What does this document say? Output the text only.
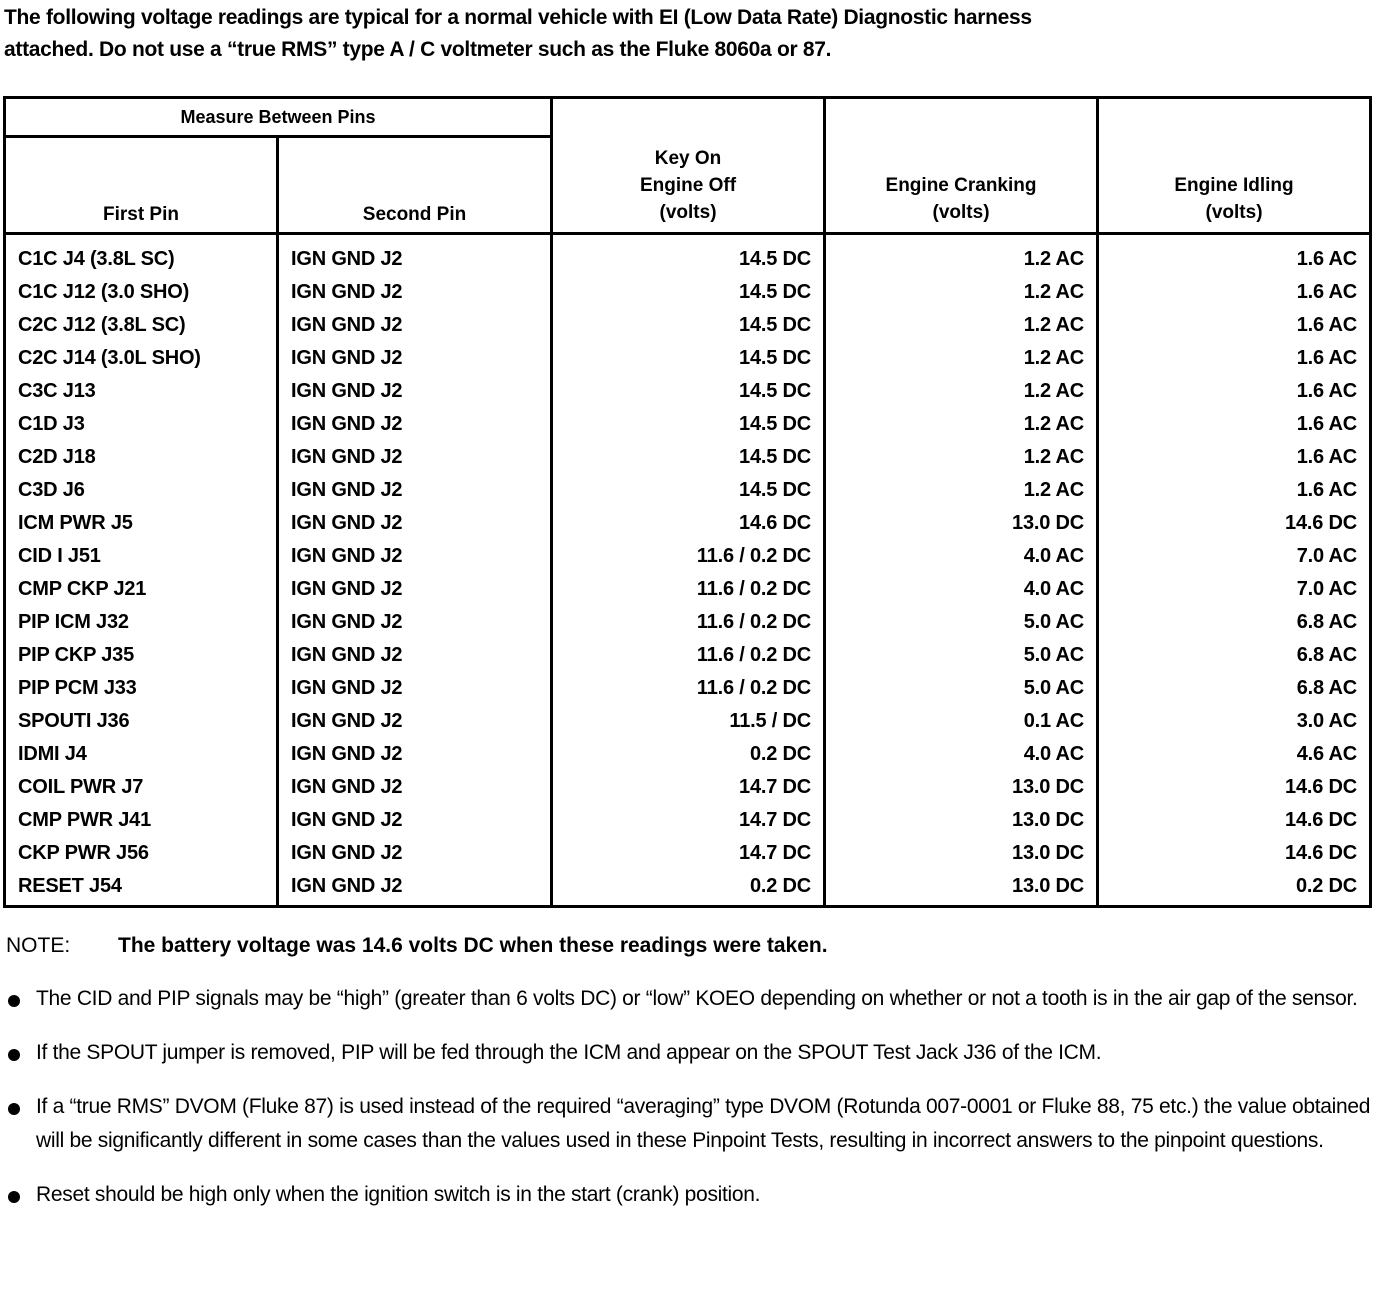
The following voltage readings are typical for a normal vehicle with EI (Low Data Rate) Diagnostic harness

attached. Do not use a “true RMS” type A / C voltmeter such as the Fluke 8060a or 87.

Measure Between Pins		Key On
Engine Off
(volts)	Engine Cranking
(volts)	Engine Idling
(volts)

First Pin	Second Pin			
C1C J4 (3.8L SC)	IGN GND J2	14.5 DC	1.2 AC	1.6 AC
C1C J12 (3.0 SHO)	IGN GND J2	14.5 DC	1.2 AC	1.6 AC
C2C J12 (3.8L SC)	IGN GND J2	14.5 DC	1.2 AC	1.6 AC
C2C J14 (3.0L SHO)	IGN GND J2	14.5 DC	1.2 AC	1.6 AC
C3C J13	IGN GND J2	14.5 DC	1.2 AC	1.6 AC
C1D J3	IGN GND J2	14.5 DC	1.2 AC	1.6 AC
C2D J18	IGN GND J2	14.5 DC	1.2 AC	1.6 AC
C3D J6	IGN GND J2	14.5 DC	1.2 AC	1.6 AC
ICM PWR J5	IGN GND J2	14.6 DC	13.0 DC	14.6 DC
CID I J51	IGN GND J2	11.6 / 0.2 DC	4.0 AC	7.0 AC
CMP CKP J21	IGN GND J2	11.6 / 0.2 DC	4.0 AC	7.0 AC
PIP ICM J32	IGN GND J2	11.6 / 0.2 DC	5.0 AC	6.8 AC
PIP CKP J35	IGN GND J2	11.6 / 0.2 DC	5.0 AC	6.8 AC
PIP PCM J33	IGN GND J2	11.6 / 0.2 DC	5.0 AC	6.8 AC
SPOUTI J36	IGN GND J2	11.5 / DC	0.1 AC	3.0 AC
IDMI J4	IGN GND J2	0.2 DC	4.0 AC	4.6 AC
COIL PWR J7	IGN GND J2	14.7 DC	13.0 DC	14.6 DC
CMP PWR J41	IGN GND J2	14.7 DC	13.0 DC	14.6 DC
CKP PWR J56	IGN GND J2	14.7 DC	13.0 DC	14.6 DC
RESET J54	IGN GND J2	0.2 DC	13.0 DC	0.2 DC
NOTE: The battery voltage was 14.6 volts DC when these readings were taken.
The CID and PIP signals may be “high” (greater than 6 volts DC) or “low” KOEO depending on whether or not a tooth is in the air gap of the sensor.
If the SPOUT jumper is removed, PIP will be fed through the ICM and appear on the SPOUT Test Jack J36 of the ICM.
If a “true RMS” DVOM (Fluke 87) is used instead of the required “averaging” type DVOM (Rotunda 007-0001 or Fluke 88, 75 etc.) the value obtained will be significantly different in some cases than the values used in these Pinpoint Tests, resulting in incorrect answers to the pinpoint questions.
Reset should be high only when the ignition switch is in the start (crank) position.
